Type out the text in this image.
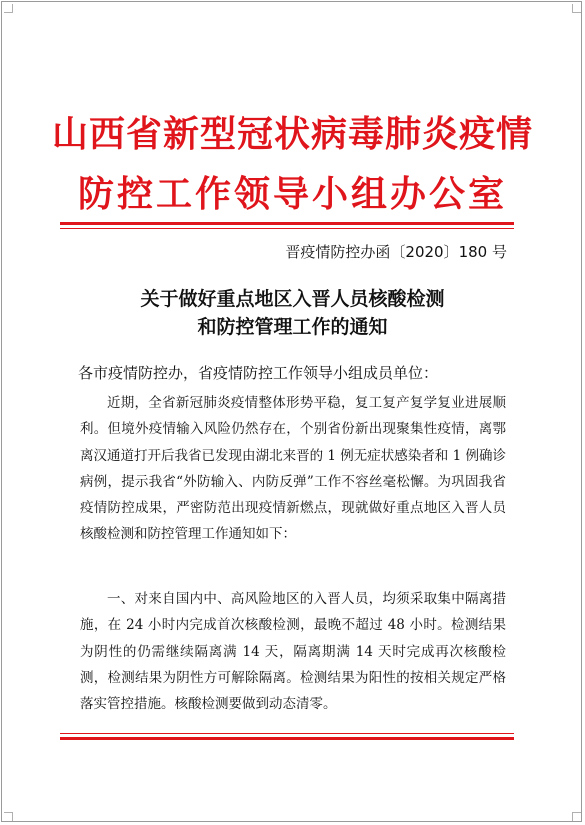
山西省新型冠状病毒肺炎疫情
防控工作领导小组办公室
晋疫情防控办函〔2020〕180 号
关于做好重点地区入晋人员核酸检测
和防控管理工作的通知
各市疫情防控办，省疫情防控工作领导小组成员单位：

近期，全省新冠肺炎疫情整体形势平稳，复工复产复学复业进展顺利。但境外疫情输入风险仍然存在，个别省份新出现聚集性疫情，离鄂离汉通道打开后我省已发现由湖北来晋的 1 例无症状感染者和 1 例确诊病例，提示我省“外防输入、内防反弹”工作不容丝毫松懈。为巩固我省疫情防控成果，严密防范出现疫情新燃点，现就做好重点地区入晋人员核酸检测和防控管理工作通知如下：

一、对来自国内中、高风险地区的入晋人员，均须采取集中隔离措施，在 24 小时内完成首次核酸检测，最晚不超过 48 小时。检测结果为阴性的仍需继续隔离满 14 天，隔离期满 14 天时完成再次核酸检测，检测结果为阴性方可解除隔离。检测结果为阳性的按相关规定严格落实管控措施。核酸检测要做到动态清零。
